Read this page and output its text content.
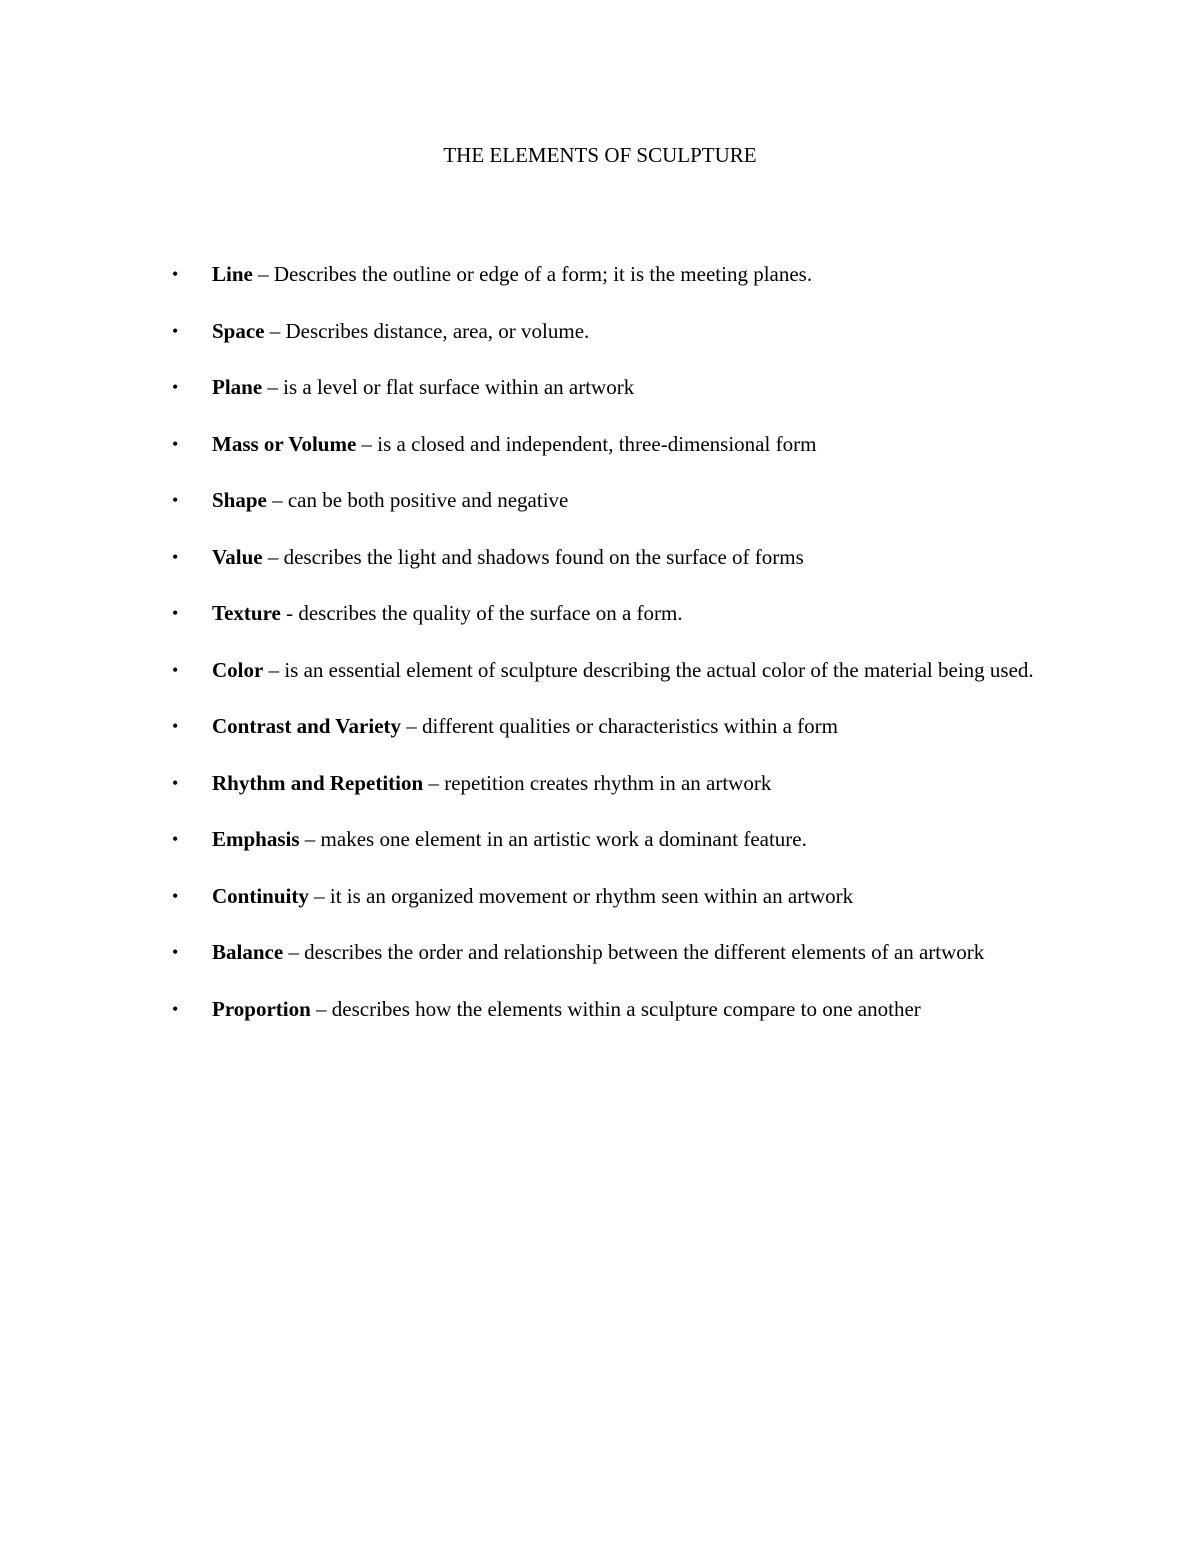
THE ELEMENTS OF SCULPTURE
• Line – Describes the outline or edge of a form; it is the meeting planes.
• Space – Describes distance, area, or volume.
• Plane – is a level or flat surface within an artwork
• Mass or Volume – is a closed and independent, three-dimensional form
• Shape – can be both positive and negative
• Value – describes the light and shadows found on the surface of forms
• Texture - describes the quality of the surface on a form.
• Color – is an essential element of sculpture describing the actual color of the material being used.
• Contrast and Variety – different qualities or characteristics within a form
• Rhythm and Repetition – repetition creates rhythm in an artwork
• Emphasis – makes one element in an artistic work a dominant feature.
• Continuity – it is an organized movement or rhythm seen within an artwork
• Balance – describes the order and relationship between the different elements of an artwork
• Proportion – describes how the elements within a sculpture compare to one another
